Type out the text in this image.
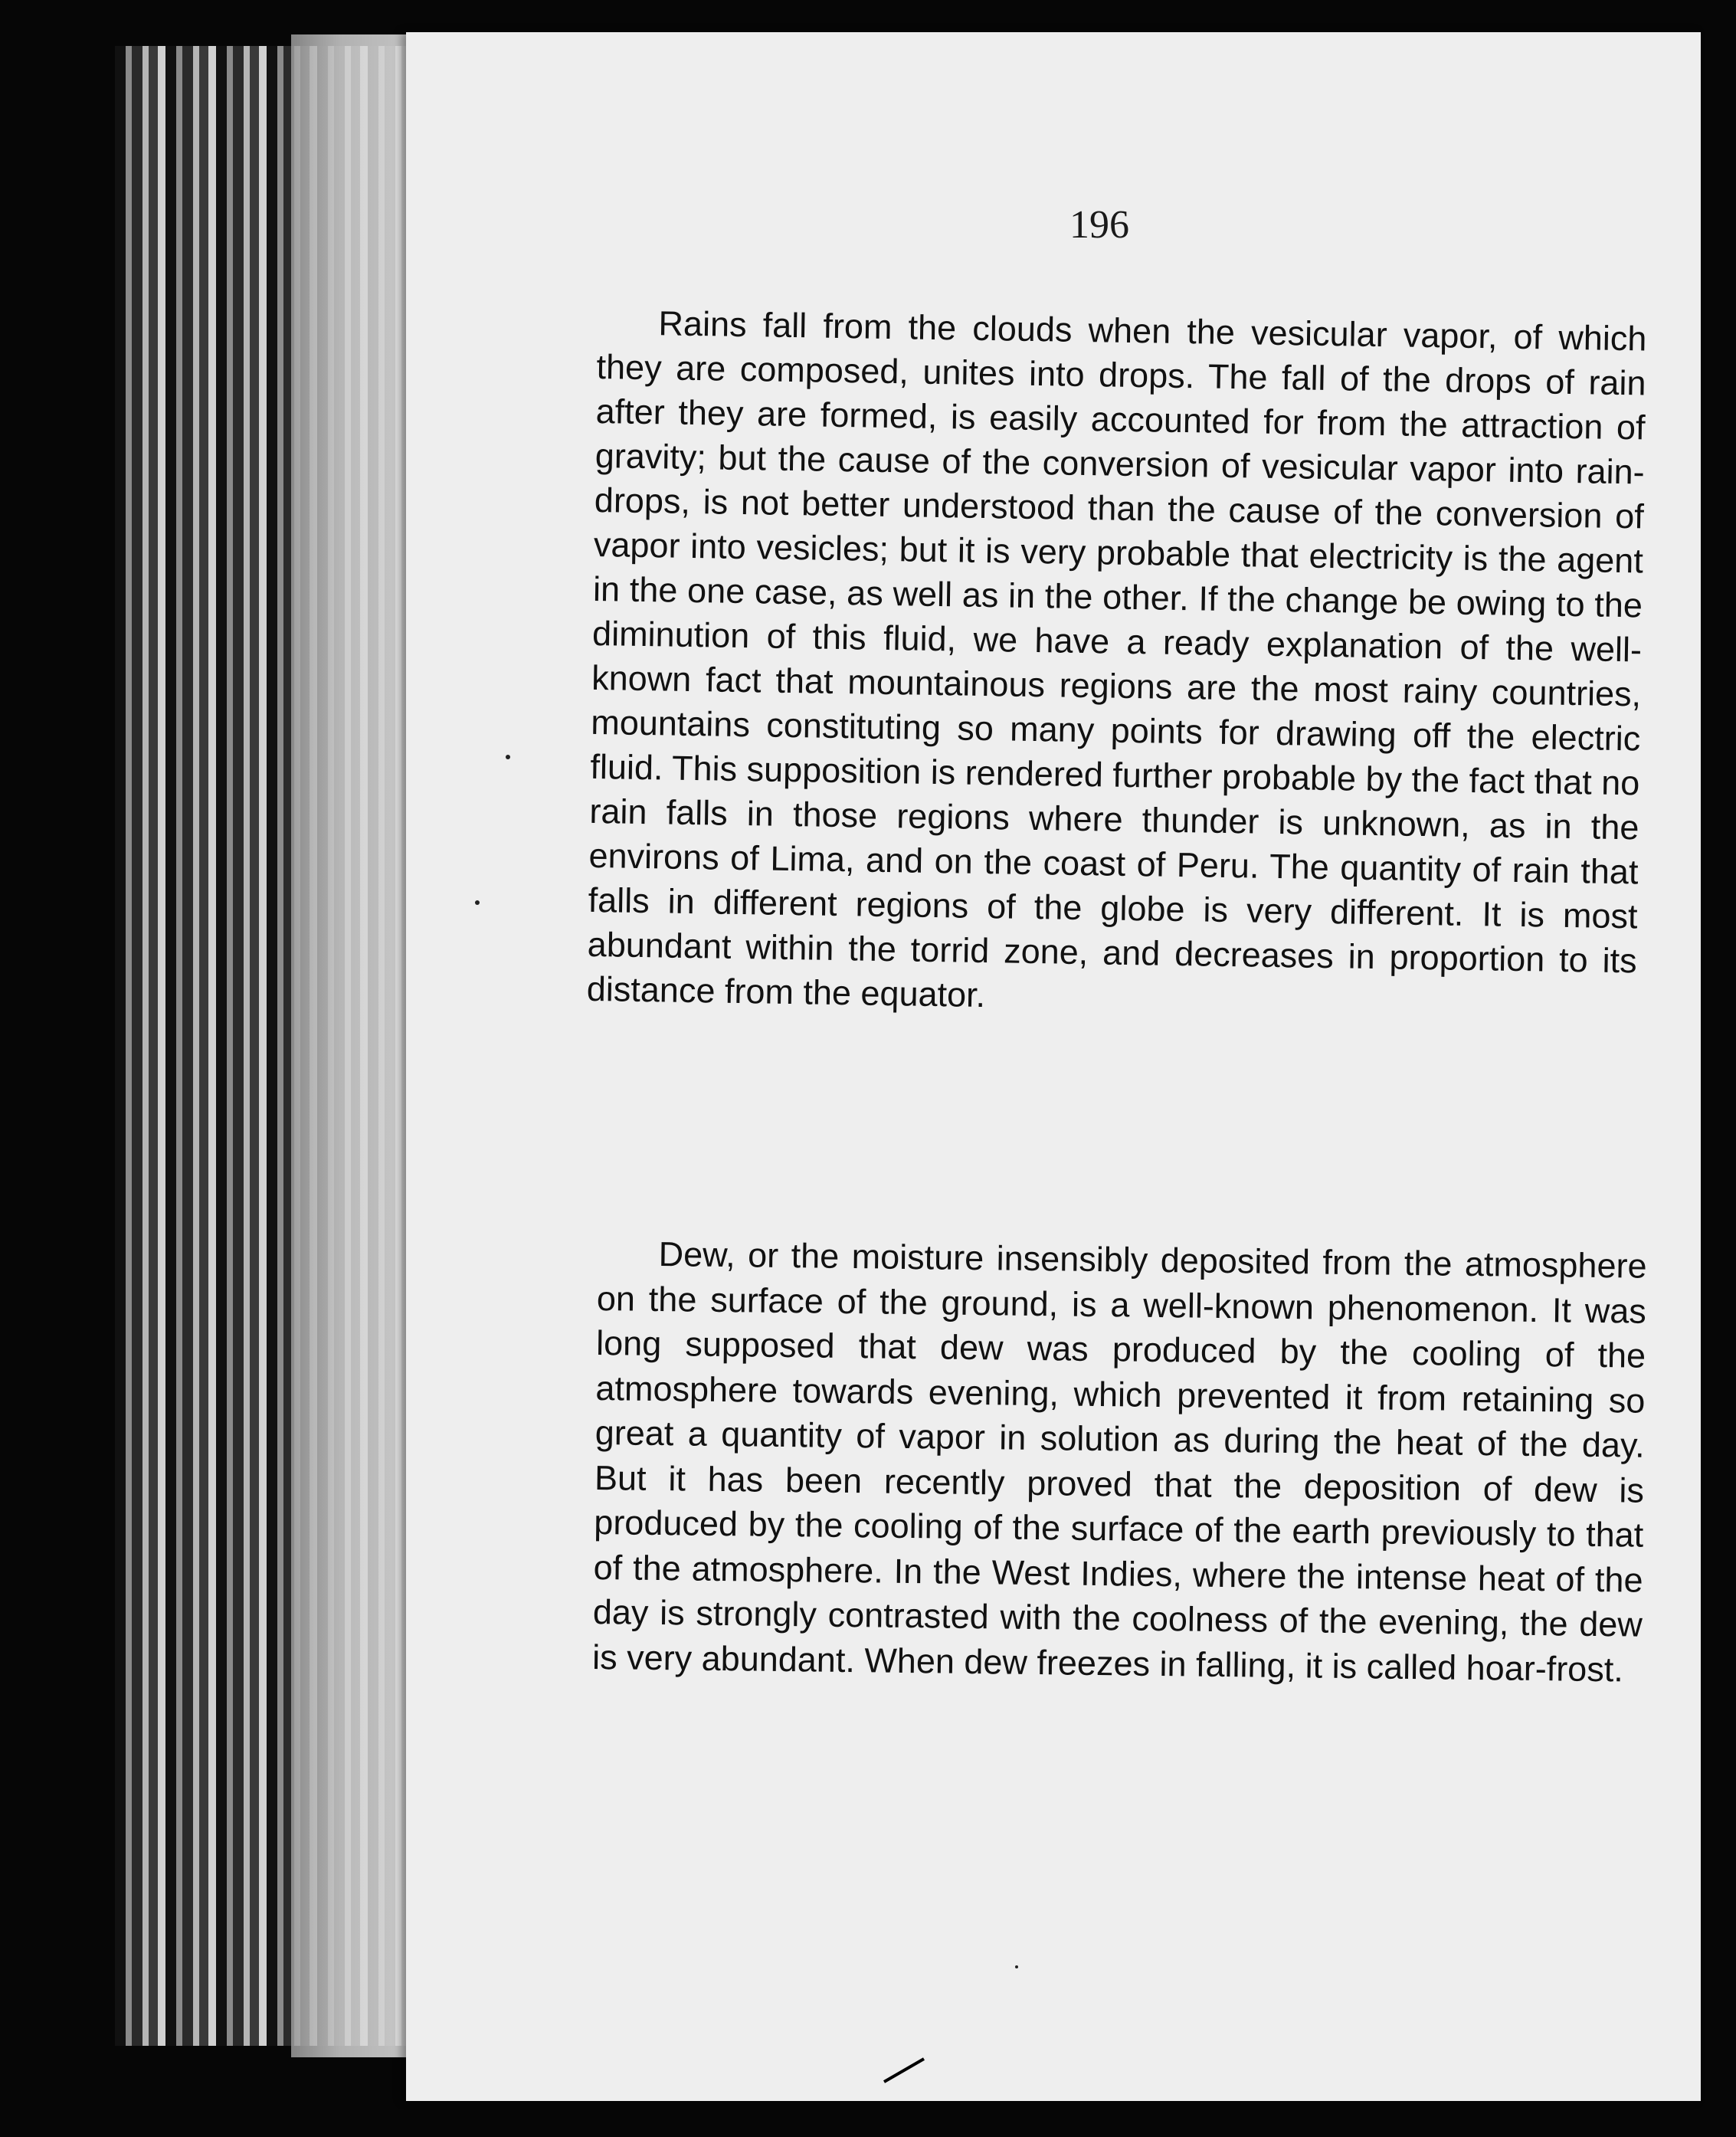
196

Rains fall from the clouds when the vesicular vapor, of which they are composed, unites into drops. The fall of the drops of rain after they are formed, is easily accounted for from the attraction of gravity; but the cause of the conversion of vesicular vapor into rain-drops, is not better understood than the cause of the conversion of vapor into vesicles; but it is very probable that electricity is the agent in the one case, as well as in the other. If the change be owing to the diminution of this fluid, we have a ready explanation of the well-known fact that mountainous regions are the most rainy countries, mountains constituting so many points for drawing off the electric fluid. This supposition is rendered further probable by the fact that no rain falls in those regions where thunder is unknown, as in the environs of Lima, and on the coast of Peru. The quantity of rain that falls in different regions of the globe is very different. It is most abundant within the torrid zone, and decreases in proportion to its distance from the equator.

Dew, or the moisture insensibly deposited from the atmosphere on the surface of the ground, is a well-known phenomenon. It was long supposed that dew was produced by the cooling of the atmosphere towards evening, which prevented it from retaining so great a quantity of vapor in solution as during the heat of the day. But it has been recently proved that the deposition of dew is produced by the cooling of the surface of the earth previously to that of the atmosphere. In the West Indies, where the intense heat of the day is strongly contrasted with the coolness of the evening, the dew is very abundant. When dew freezes in falling, it is called hoar-frost.
